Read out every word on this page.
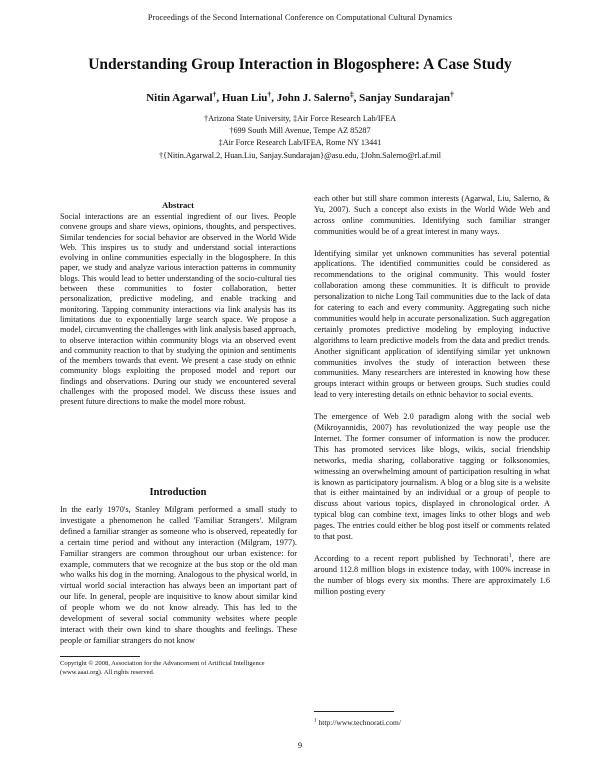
Proceedings of the Second International Conference on Computational Cultural Dynamics
Understanding Group Interaction in Blogosphere: A Case Study
Nitin Agarwal†, Huan Liu†, John J. Salerno‡, Sanjay Sundarajan†
†Arizona State University, ‡Air Force Research Lab/IFEA
†699 South Mill Avenue, Tempe AZ 85287
‡Air Force Research Lab/IFEA, Rome NY 13441
†{Nitin.Agarwal.2, Huan.Liu, Sanjay.Sundarajan}@asu.edu, ‡John.Salerno@rl.af.mil
Abstract
Social interactions are an essential ingredient of our lives. People convene groups and share views, opinions, thoughts, and perspectives. Similar tendencies for social behavior are observed in the World Wide Web. This inspires us to study and understand social interactions evolving in online communities especially in the blogosphere. In this paper, we study and analyze various interaction patterns in community blogs. This would lead to better understanding of the socio-cultural ties between these communities to foster collaboration, better personalization, predictive modeling, and enable tracking and monitoring. Tapping community interactions via link analysis has its limitations due to exponentially large search space. We propose a model, circumventing the challenges with link analysis based approach, to observe interaction within community blogs via an observed event and community reaction to that by studying the opinion and sentiments of the members towards that event. We present a case study on ethnic community blogs exploiting the proposed model and report our findings and observations. During our study we encountered several challenges with the proposed model. We discuss these issues and present future directions to make the model more robust.
Introduction
In the early 1970's, Stanley Milgram performed a small study to investigate a phenomenon he called 'Familiar Strangers'. Milgram defined a familiar stranger as someone who is observed, repeatedly for a certain time period and without any interaction (Milgram, 1977). Familiar strangers are common throughout our urban existence: for example, commuters that we recognize at the bus stop or the old man who walks his dog in the morning. Analogous to the physical world, in virtual world social interaction has always been an important part of our life. In general, people are inquisitive to know about similar kind of people whom we do not know already. This has led to the development of several social community websites where people interact with their own kind to share thoughts and feelings. These people or familiar strangers do not know
Copyright © 2008, Association for the Advancement of Artificial Intelligence (www.aaai.org). All rights reserved.

each other but still share common interests (Agarwal, Liu, Salerno, & Yu, 2007). Such a concept also exists in the World Wide Web and across online communities. Identifying such familiar stranger communities would be of a great interest in many ways.

Identifying similar yet unknown communities has several potential applications. The identified communities could be considered as recommendations to the original community. This would foster collaboration among these communities. It is difficult to provide personalization to niche Long Tail communities due to the lack of data for catering to each and every community. Aggregating such niche communities would help in accurate personalization. Such aggregation certainly promotes predictive modeling by employing inductive algorithms to learn predictive models from the data and predict trends. Another significant application of identifying similar yet unknown communities involves the study of interaction between these communities. Many researchers are interested in knowing how these groups interact within groups or between groups. Such studies could lead to very interesting details on ethnic behavior to social events.

The emergence of Web 2.0 paradigm along with the social web (Mikroyannidis, 2007) has revolutionized the way people use the Internet. The former consumer of information is now the producer. This has promoted services like blogs, wikis, social friendship networks, media sharing, collaborative tagging or folksonomies, witnessing an overwhelming amount of participation resulting in what is known as participatory journalism. A blog or a blog site is a website that is either maintained by an individual or a group of people to discuss about various topics, displayed in chronological order. A typical blog can combine text, images links to other blogs and web pages. The entries could either be blog post itself or comments related to that post.

According to a recent report published by Technorati$^1$, there are around 112.8 million blogs in existence today, with 100% increase in the number of blogs every six months. There are approximately 1.6 million posting every

$^1$ http://www.technorati.com/
9
